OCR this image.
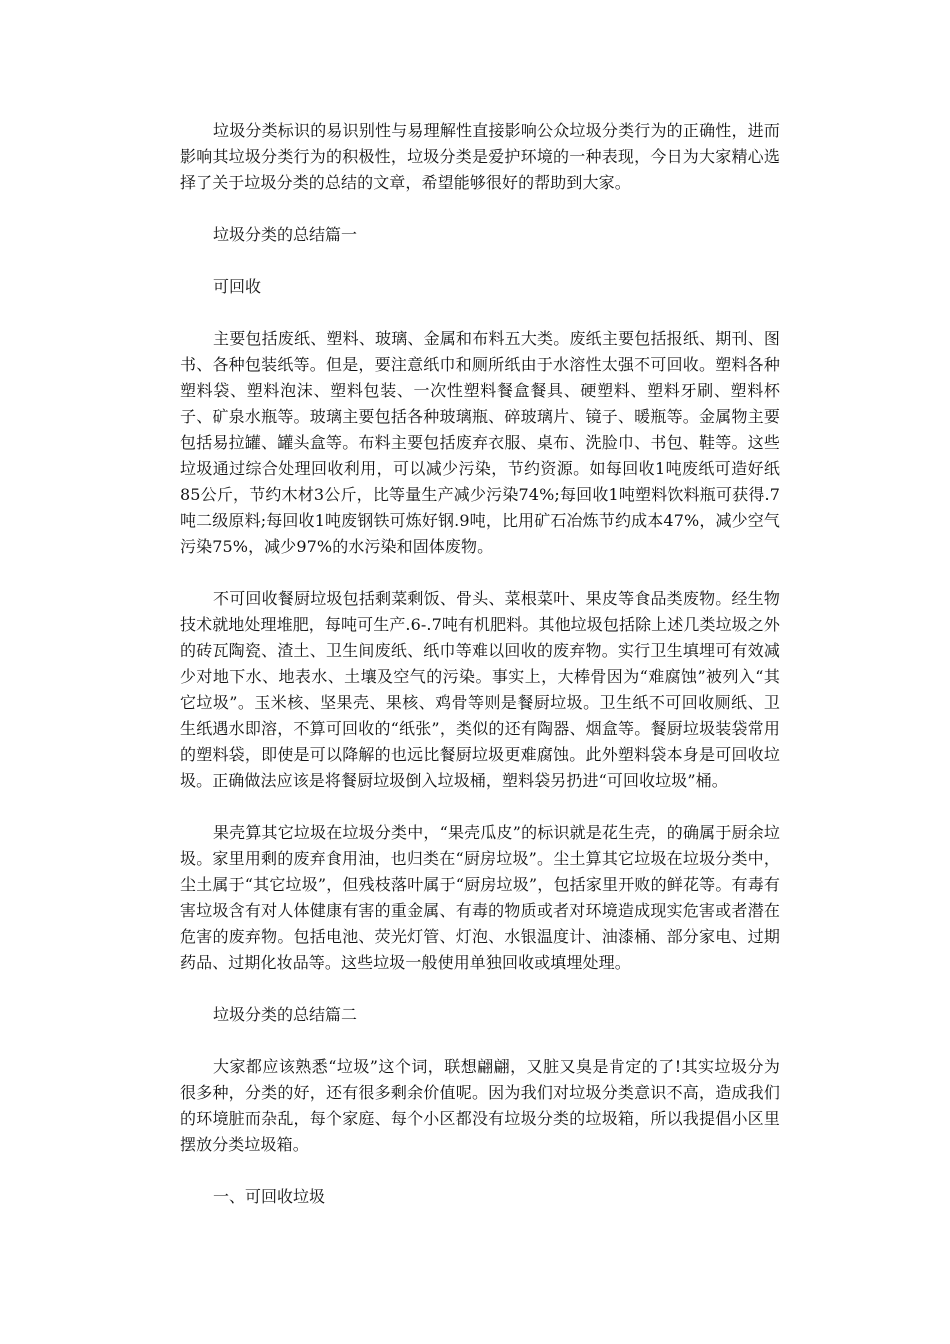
垃圾分类标识的易识别性与易理解性直接影响公众垃圾分类行为的正确性，进而影响其垃圾分类行为的积极性，垃圾分类是爱护环境的一种表现，今日为大家精心选择了关于垃圾分类的总结的文章，希望能够很好的帮助到大家。

垃圾分类的总结篇一

可回收

主要包括废纸、塑料、玻璃、金属和布料五大类。废纸主要包括报纸、期刊、图书、各种包装纸等。但是，要注意纸巾和厕所纸由于水溶性太强不可回收。塑料各种塑料袋、塑料泡沫、塑料包装、一次性塑料餐盒餐具、硬塑料、塑料牙刷、塑料杯子、矿泉水瓶等。玻璃主要包括各种玻璃瓶、碎玻璃片、镜子、暖瓶等。金属物主要包括易拉罐、罐头盒等。布料主要包括废弃衣服、桌布、洗脸巾、书包、鞋等。这些垃圾通过综合处理回收利用，可以减少污染，节约资源。如每回收1吨废纸可造好纸85公斤，节约木材3公斤，比等量生产减少污染74%;每回收1吨塑料饮料瓶可获得.7吨二级原料;每回收1吨废钢铁可炼好钢.9吨，比用矿石冶炼节约成本47%，减少空气污染75%，减少97%的水污染和固体废物。

不可回收餐厨垃圾包括剩菜剩饭、骨头、菜根菜叶、果皮等食品类废物。经生物技术就地处理堆肥，每吨可生产.6-.7吨有机肥料。其他垃圾包括除上述几类垃圾之外的砖瓦陶瓷、渣土、卫生间废纸、纸巾等难以回收的废弃物。实行卫生填埋可有效减少对地下水、地表水、土壤及空气的污染。事实上，大棒骨因为“难腐蚀”被列入“其它垃圾”。玉米核、坚果壳、果核、鸡骨等则是餐厨垃圾。卫生纸不可回收厕纸、卫生纸遇水即溶，不算可回收的“纸张”，类似的还有陶器、烟盒等。餐厨垃圾装袋常用的塑料袋，即使是可以降解的也远比餐厨垃圾更难腐蚀。此外塑料袋本身是可回收垃圾。正确做法应该是将餐厨垃圾倒入垃圾桶，塑料袋另扔进“可回收垃圾”桶。

果壳算其它垃圾在垃圾分类中，“果壳瓜皮”的标识就是花生壳，的确属于厨余垃圾。家里用剩的废弃食用油，也归类在“厨房垃圾”。尘土算其它垃圾在垃圾分类中，尘土属于“其它垃圾”，但残枝落叶属于“厨房垃圾”，包括家里开败的鲜花等。有毒有害垃圾含有对人体健康有害的重金属、有毒的物质或者对环境造成现实危害或者潜在危害的废弃物。包括电池、荧光灯管、灯泡、水银温度计、油漆桶、部分家电、过期药品、过期化妆品等。这些垃圾一般使用单独回收或填埋处理。

垃圾分类的总结篇二

大家都应该熟悉“垃圾”这个词，联想翩翩，又脏又臭是肯定的了!其实垃圾分为很多种，分类的好，还有很多剩余价值呢。因为我们对垃圾分类意识不高，造成我们的环境脏而杂乱，每个家庭、每个小区都没有垃圾分类的垃圾箱，所以我提倡小区里摆放分类垃圾箱。

一、可回收垃圾
